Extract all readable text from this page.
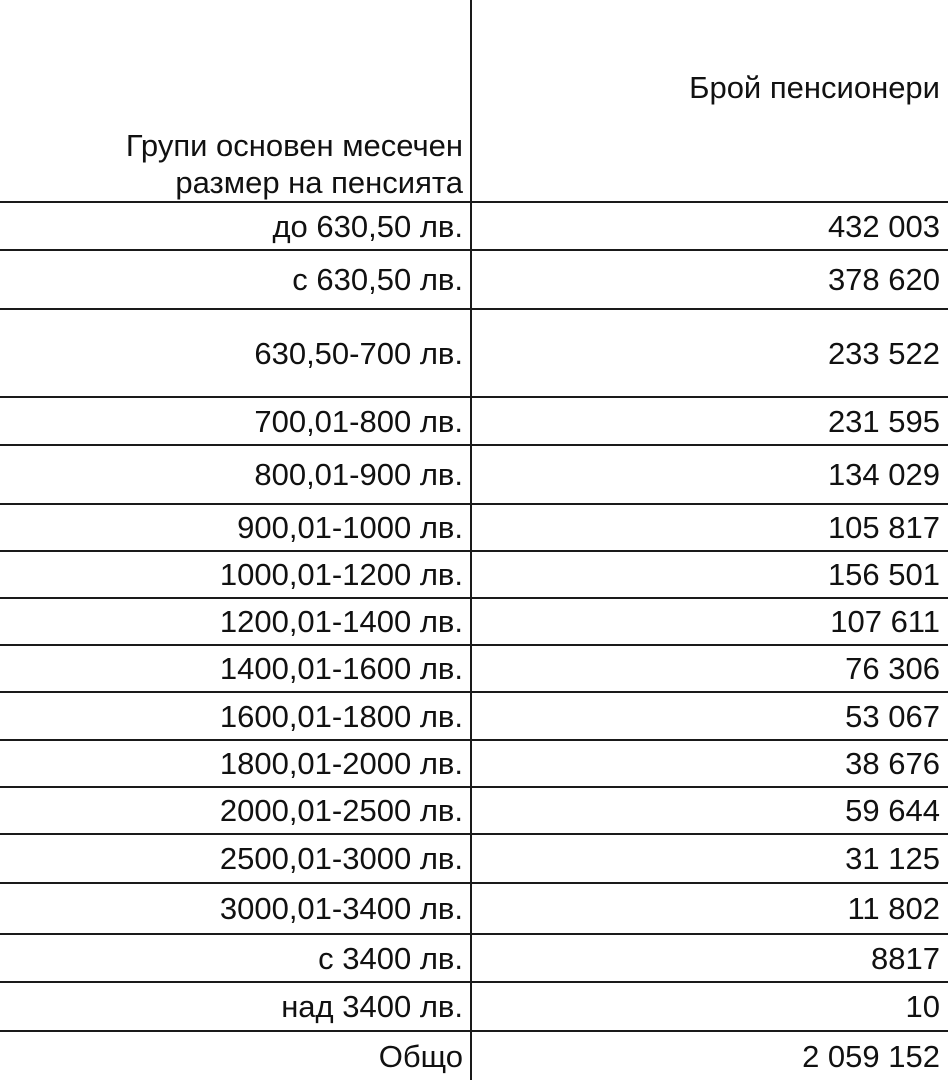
Групи основен месечен
размер на пенсията
Брой пенсионери
до 630,50 лв.	432 003
с 630,50 лв.	378 620
630,50-700 лв.	233 522
700,01-800 лв.	231 595
800,01-900 лв.	134 029
900,01-1000 лв.	105 817
1000,01-1200 лв.	156 501
1200,01-1400 лв.	107 611
1400,01-1600 лв.	76 306
1600,01-1800 лв.	53 067
1800,01-2000 лв.	38 676
2000,01-2500 лв.	59 644
2500,01-3000 лв.	31 125
3000,01-3400 лв.	11 802
с 3400 лв.	8817
над 3400 лв.	10
Общо	2 059 152
